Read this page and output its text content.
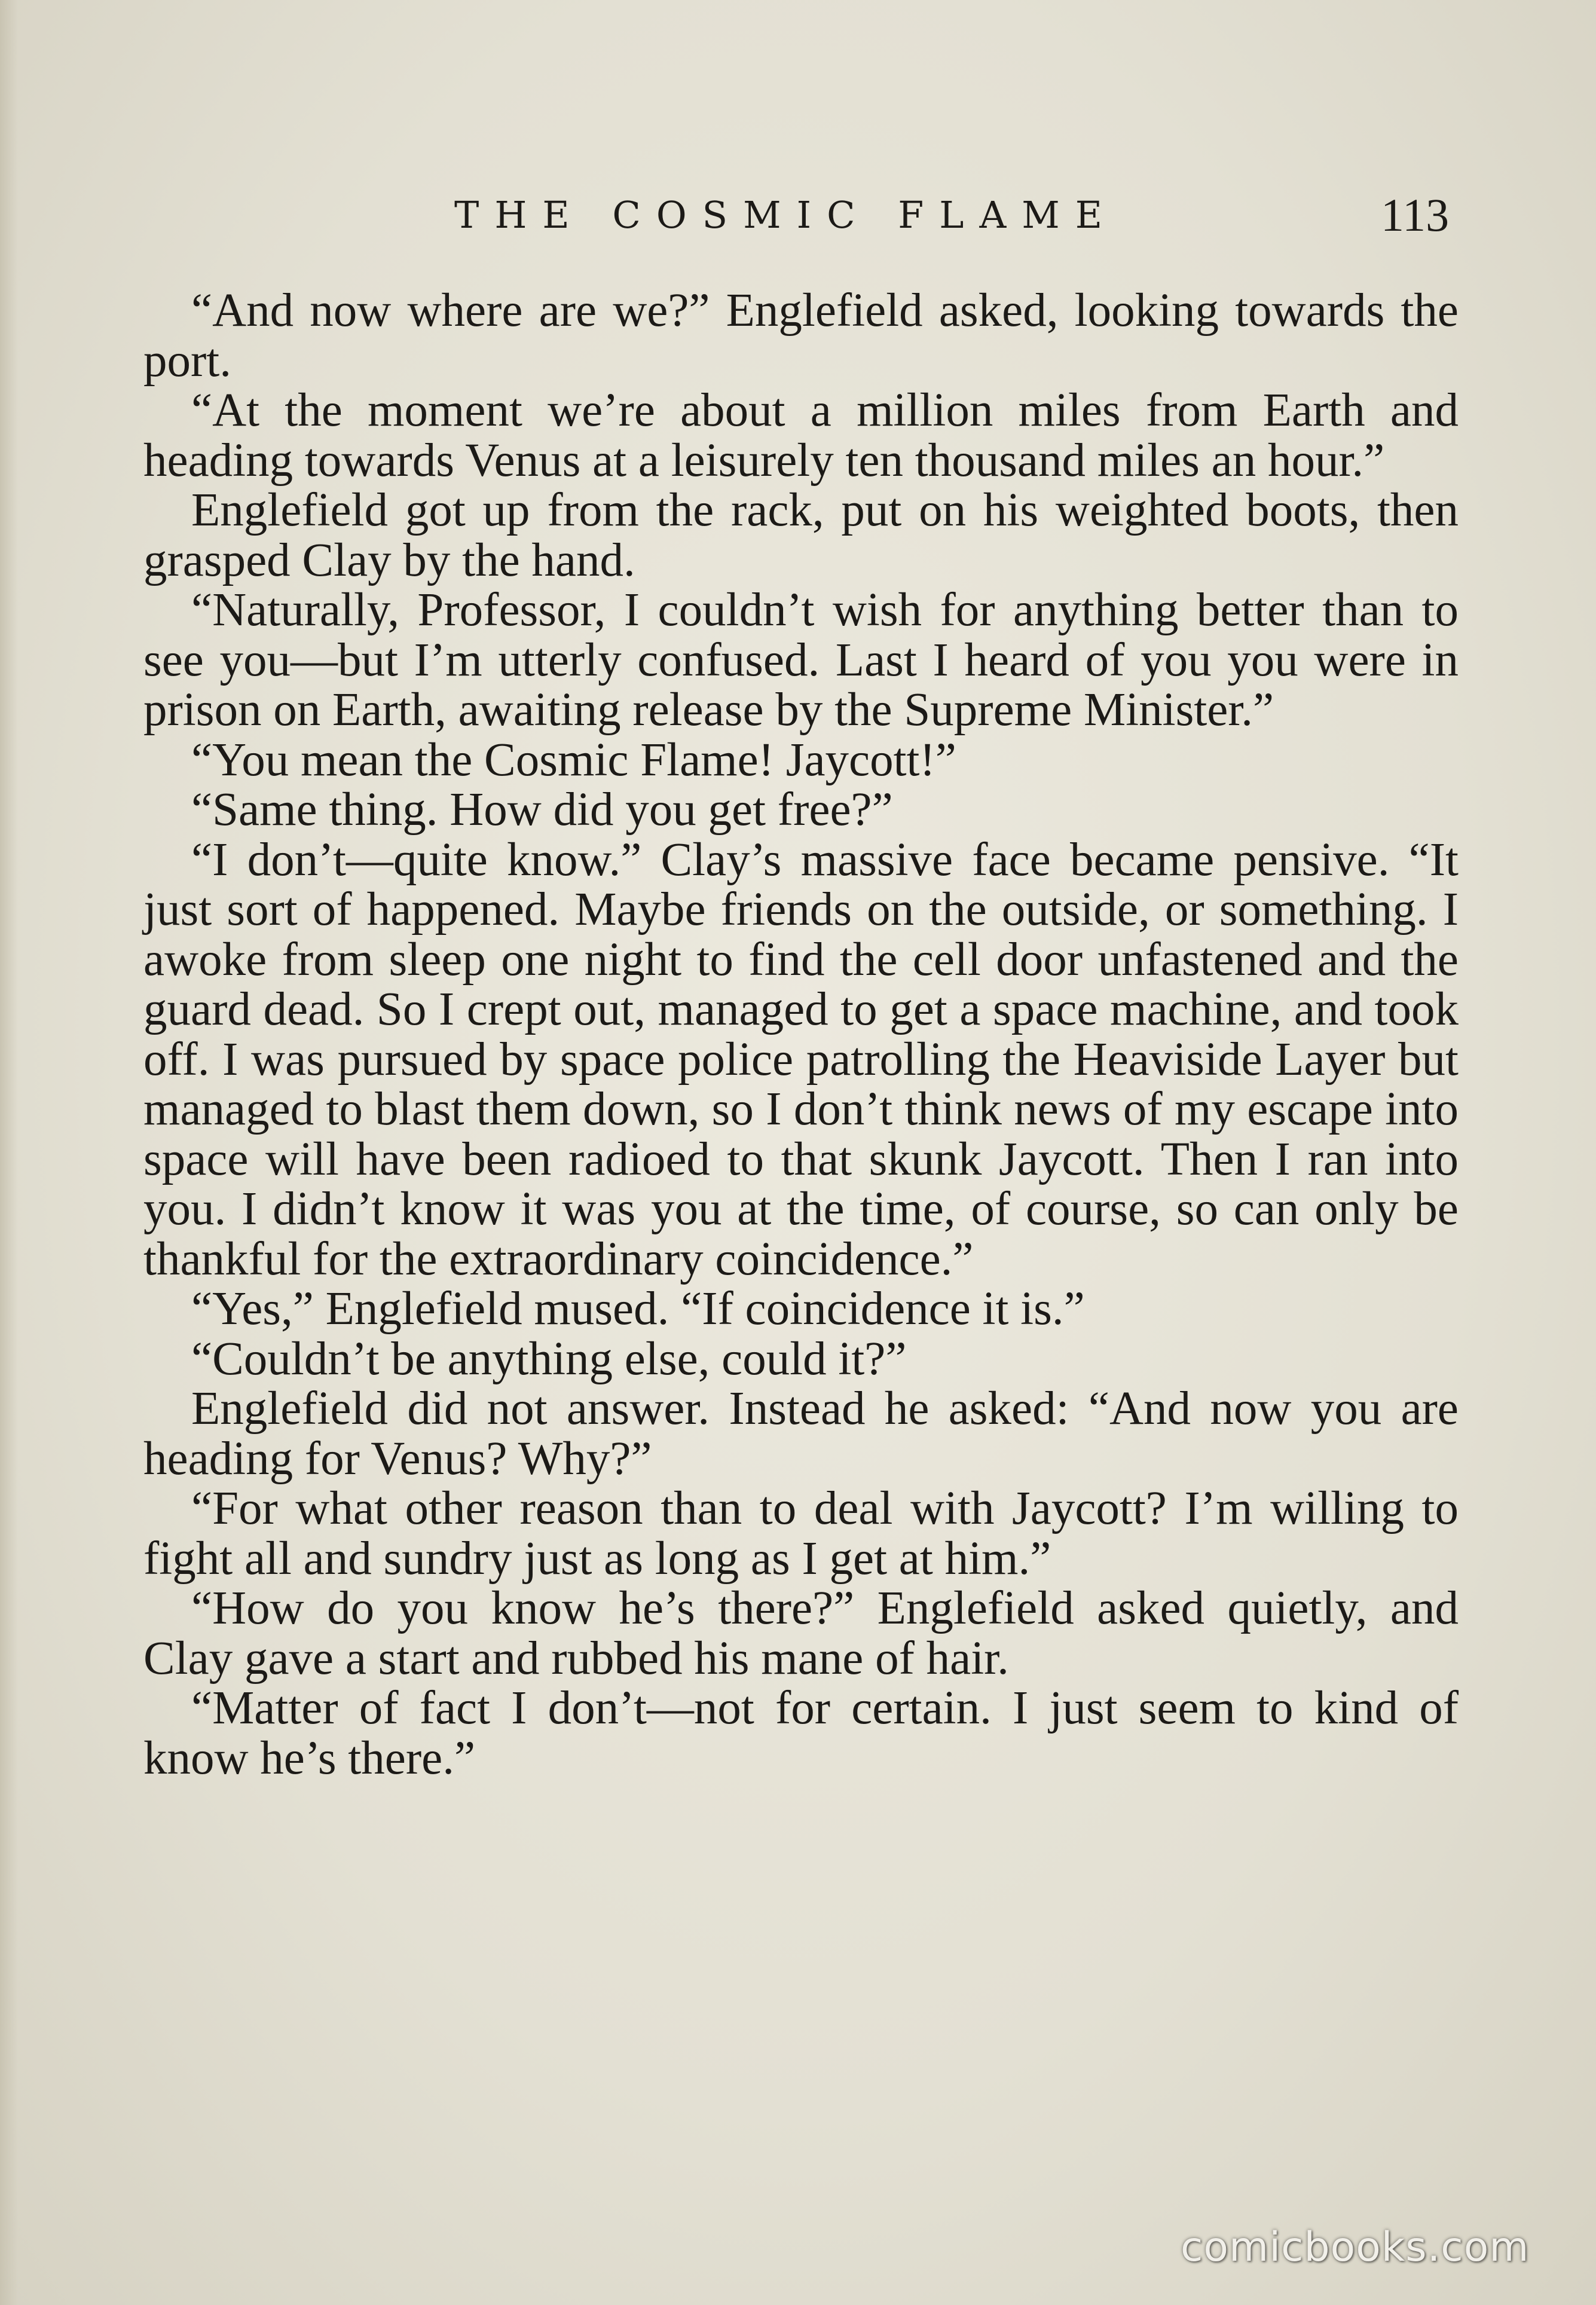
THE COSMIC FLAME	113

“And now where are we?” Englefield asked, looking towards the port.

“At the moment we’re about a million miles from Earth and heading towards Venus at a leisurely ten thousand miles an hour.”

Englefield got up from the rack, put on his weighted boots, then grasped Clay by the hand.

“Naturally, Professor, I couldn’t wish for anything better than to see you—but I’m utterly confused. Last I heard of you you were in prison on Earth, awaiting release by the Supreme Minister.”

“You mean the Cosmic Flame! Jaycott!”

“Same thing. How did you get free?”

“I don’t—quite know.” Clay’s massive face became pensive. “It just sort of happened. Maybe friends on the outside, or something. I awoke from sleep one night to find the cell door unfastened and the guard dead. So I crept out, managed to get a space machine, and took off. I was pursued by space police patrolling the Heaviside Layer but managed to blast them down, so I don’t think news of my escape into space will have been radioed to that skunk Jaycott. Then I ran into you. I didn’t know it was you at the time, of course, so can only be thankful for the extraordinary coincidence.”

“Yes,” Englefield mused. “If coincidence it is.”

“Couldn’t be anything else, could it?”

Englefield did not answer. Instead he asked: “And now you are heading for Venus? Why?”

“For what other reason than to deal with Jaycott? I’m willing to fight all and sundry just as long as I get at him.”

“How do you know he’s there?” Englefield asked quietly, and Clay gave a start and rubbed his mane of hair.

“Matter of fact I don’t—not for certain. I just seem to kind of know he’s there.”

comicbooks.com
